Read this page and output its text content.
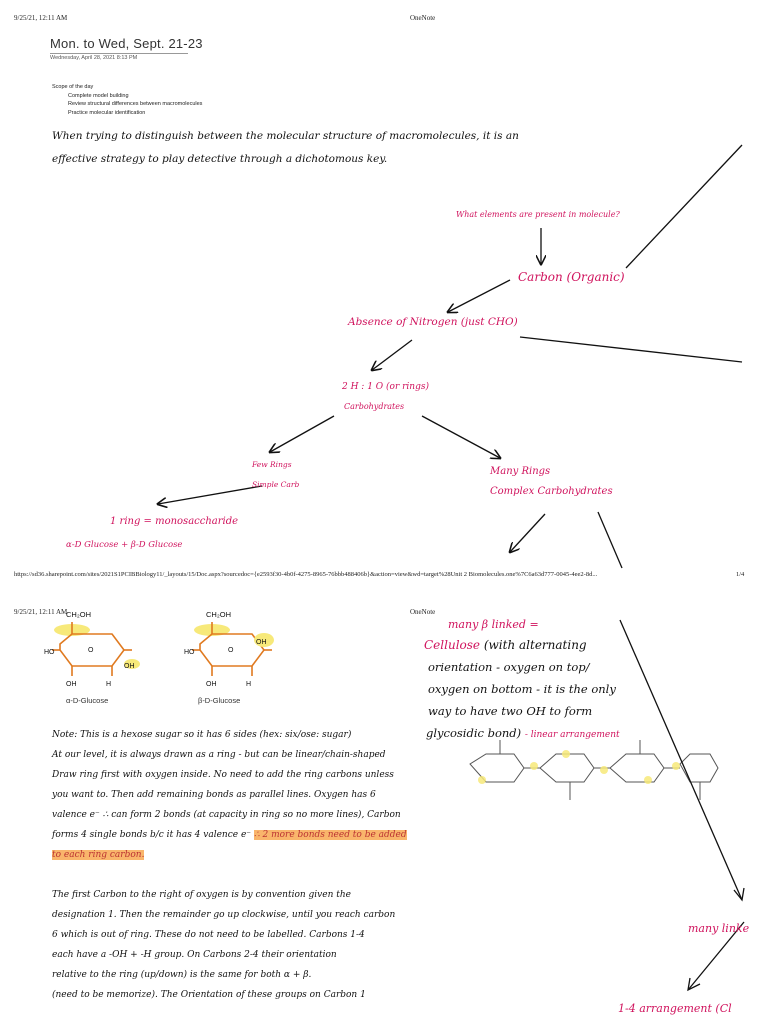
9/25/21, 12:11 AM	OneNote
Mon. to Wed, Sept. 21-23
Wednesday, April 28, 2021 8:13 PM
Scope of the day
Complete model building
Review structural differences between macromolecules
Practice molecular identification
When trying to distinguish between the molecular structure of macromolecules, it is an
effective strategy to play detective through a dichotomous key.
What elements are present in molecule?
Carbon (Organic)
Absence of Nitrogen (just CHO)
2 H : 1 O (or rings)
Carbohydrates
Few Rings
Simple Carb
Many Rings
Complex Carbohydrates
1 ring = monosaccharide
α-D Glucose + β-D Glucose
https://sd36.sharepoint.com/sites/2021S1PCIBBiology11/_layouts/15/Doc.aspx?sourcedoc={e2593f30-4b0f-4275-8965-76bbb488406b}&action=view&wd=target%28Unit 2 Biomolecules.one%7C6a63d777-0045-4ee2-8d...	1/4
9/25/21, 12:11 AM	OneNote
O
OH
HO	O
OH
HO
OH	H	OH	H
CH₂OH	CH₂OH
α-D-Glucose	β-D-Glucose
Note: This is a hexose sugar so it has 6 sides (hex: six/ose: sugar)
At our level, it is always drawn as a ring - but can be linear/chain-shaped
Draw ring first with oxygen inside. No need to add the ring carbons unless
you want to. Then add remaining bonds as parallel lines. Oxygen has 6
valence e⁻ ∴ can form 2 bonds (at capacity in ring so no more lines), Carbon
forms 4 single bonds b/c it has 4 valence e⁻ ∴ 2 more bonds need to be added
to each ring carbon.
The first Carbon to the right of oxygen is by convention given the
designation 1. Then the remainder go up clockwise, until you reach carbon
6 which is out of ring. These do not need to be labelled. Carbons 1-4
each have a -OH + -H group. On Carbons 2-4 their orientation
relative to the ring (up/down) is the same for both α + β.
(need to be memorize). The Orientation of these groups on Carbon 1
many β linked =
Cellulose (with alternating
orientation - oxygen on top/
oxygen on bottom - it is the only
way to have two OH to form
glycosidic bond) - linear arrangement
many linke
1-4 arrangement (Cl
